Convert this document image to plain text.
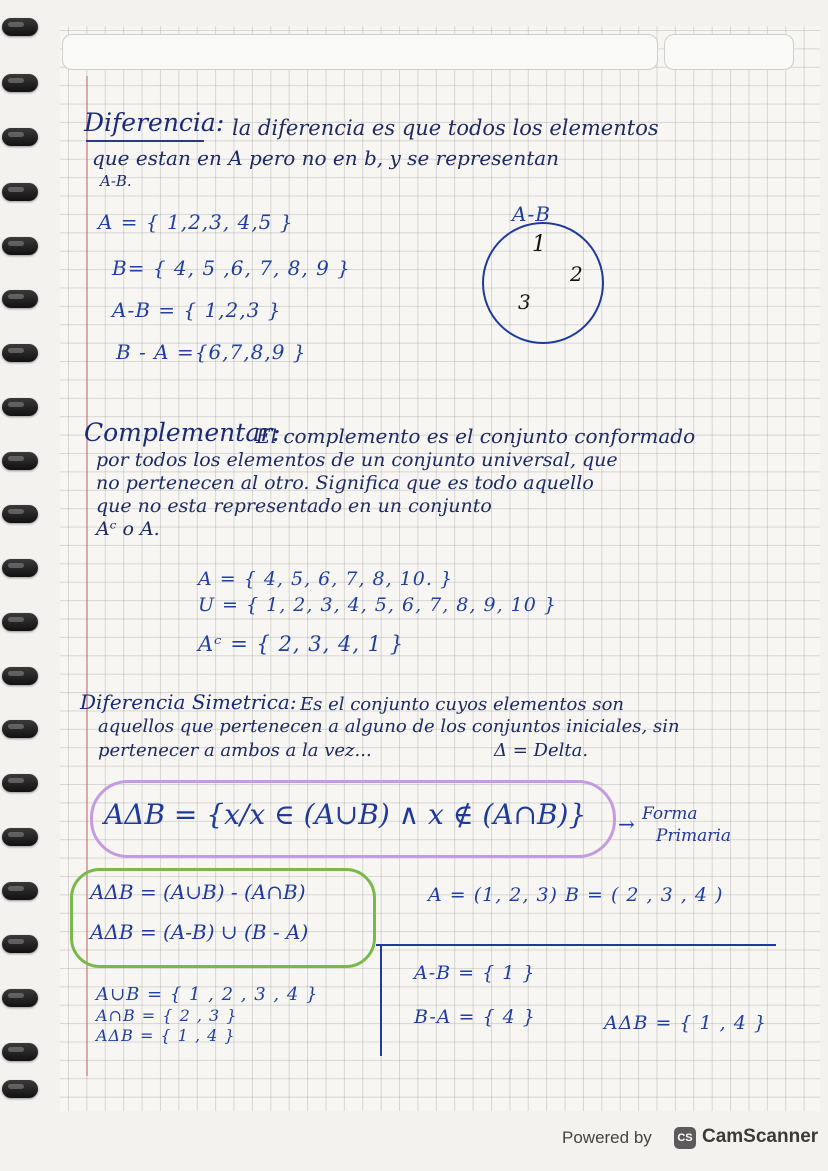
Diferencia: la diferencia es que todos los elementos
que estan en A pero no en b, y se representan
A-B.
A = { 1,2,3, 4,5 }
B= { 4, 5 ,6, 7, 8, 9 }
A-B = { 1,2,3 }
B - A ={6,7,8,9 }
A-B
1
2
3
Complementar:
El complemento es el conjunto conformado
por todos los elementos de un conjunto universal, que
no pertenecen al otro. Significa que es todo aquello
que no esta representado en un conjunto
Aᶜ o A.
A = { 4, 5, 6, 7, 8, 10. }
U = { 1, 2, 3, 4, 5, 6, 7, 8, 9, 10 }
Aᶜ = { 2, 3, 4, 1 }
Diferencia Simetrica: Es el conjunto cuyos elementos son
aquellos que pertenecen a alguno de los conjuntos iniciales, sin
pertenecer a ambos a la vez...	Δ = Delta.
AΔB = {x/x ∈ (A∪B) ∧ x ∉ (A∩B)} → Forma
Primaria
AΔB = (A∪B) - (A∩B)
AΔB = (A-B) ∪ (B - A)
A = (1, 2, 3) B = ( 2 , 3 , 4 )
A∪B = { 1 , 2 , 3 , 4 }
A∩B = { 2 , 3 }
AΔB = { 1 , 4 }
A-B = { 1 }
B-A = { 4 }	AΔB = { 1 , 4 }
Powered by	CS CamScanner
